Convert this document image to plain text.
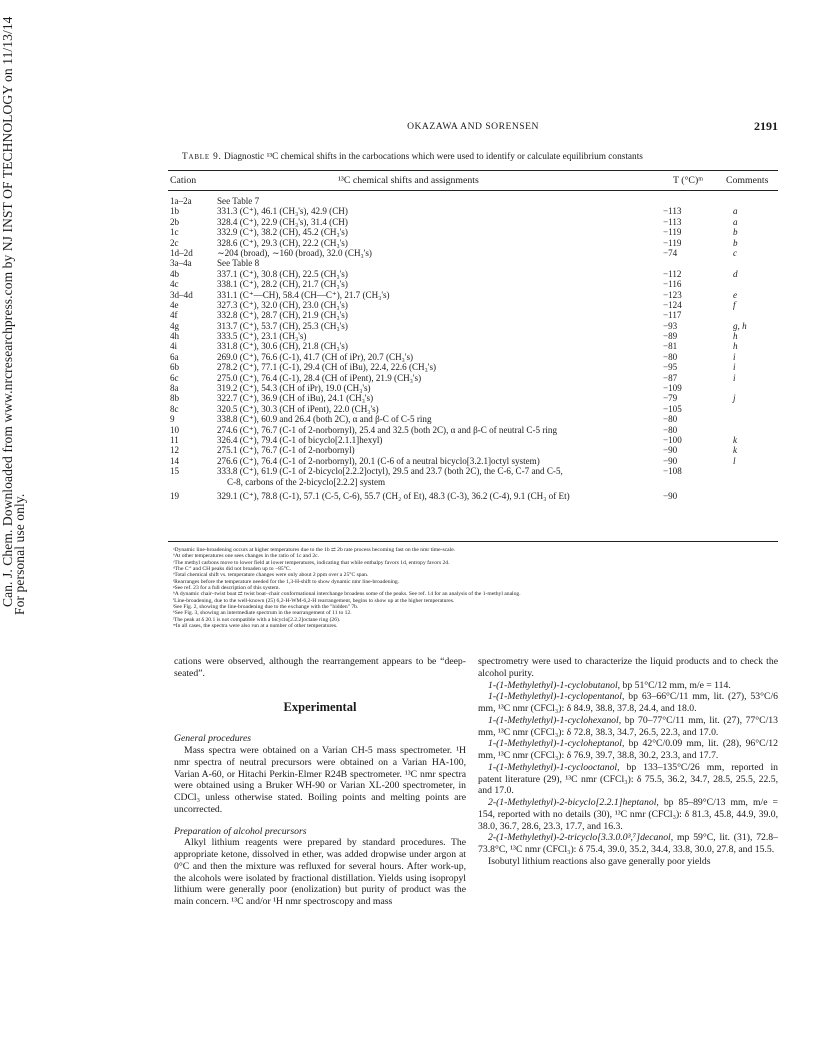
Can. J. Chem. Downloaded from www.nrcresearchpress.com by NJ INST OF TECHNOLOGY on 11/13/14
For personal use only.
OKAZAWA AND SORENSEN	2191
Table 9. Diagnostic ¹³C chemical shifts in the carbocations which were used to identify or calculate equilibrium constants
Cation	¹³C chemical shifts and assignments	T (°C)ᵐ Comments
1a–2a	See Table 7
1b	331.3 (C⁺), 46.1 (CH₃'s), 42.9 (CH)	−113	a
2b	328.4 (C⁺), 22.9 (CH₃'s), 31.4 (CH)	−113	a
1c	332.9 (C⁺), 38.2 (CH), 45.2 (CH₃'s)	−119	b
2c	328.6 (C⁺), 29.3 (CH), 22.2 (CH₃'s)	−119	b
1d–2d	∼204 (broad), ∼160 (broad), 32.0 (CH₃'s)	−74	c
3a–4a	See Table 8
4b	337.1 (C⁺), 30.8 (CH), 22.5 (CH₃'s)	−112	d
4c	338.1 (C⁺), 28.2 (CH), 21.7 (CH₃'s)	−116
3d–4d	331.1 (C⁺—CH), 58.4 (CH—C⁺), 21.7 (CH₃'s)	−123	e
4e	327.3 (C⁺), 32.0 (CH), 23.0 (CH₃'s)	−124	f
4f	332.8 (C⁺), 28.7 (CH), 21.9 (CH₃'s)	−117
4g	313.7 (C⁺), 53.7 (CH), 25.3 (CH₃'s)	−93	g, h
4h	333.5 (C⁺), 23.1 (CH₃'s)	−89	h
4i	331.8 (C⁺), 30.6 (CH), 21.8 (CH₃'s)	−81	h
6a	269.0 (C⁺), 76.6 (C-1), 41.7 (CH of iPr), 20.7 (CH₃'s)	−80	i
6b	278.2 (C⁺), 77.1 (C-1), 29.4 (CH of iBu), 22.4, 22.6 (CH₃'s)	−95	i
6c	275.0 (C⁺), 76.4 (C-1), 28.4 (CH of iPent), 21.9 (CH₃'s)	−87	i
8a	319.2 (C⁺), 54.3 (CH of iPr), 19.0 (CH₃'s)	−109
8b	322.7 (C⁺), 36.9 (CH of iBu), 24.1 (CH₃'s)	−79	j
8c	320.5 (C⁺), 30.3 (CH of iPent), 22.0 (CH₃'s)	−105
9	338.8 (C⁺), 60.9 and 26.4 (both 2C), α and β-C of C-5 ring	−80
10	274.6 (C⁺), 76.7 (C-1 of 2-norbornyl), 25.4 and 32.5 (both 2C), α and β-C of neutral C-5 ring	−80
11	326.4 (C⁺), 79.4 (C-1 of bicyclo[2.1.1]hexyl)	−100	k
12	275.1 (C⁺), 76.7 (C-1 of 2-norbornyl)	−90	k
14	276.6 (C⁺), 76.4 (C-1 of 2-norbornyl), 20.1 (C-6 of a neutral bicyclo[3.2.1]octyl system)	−90	l
15	333.8 (C⁺), 61.9 (C-1 of 2-bicyclo[2.2.2]octyl), 29.5 and 23.7 (both 2C), the C-6, C-7 and C-5,	−108
C-8, carbons of the 2-bicyclo[2.2.2] system
19	329.1 (C⁺), 78.8 (C-1), 57.1 (C-5, C-6), 55.7 (CH₂ of Et), 48.3 (C-3), 36.2 (C-4), 9.1 (CH₃ of Et)	−90
ᵃDynamic line-broadening occurs at higher temperatures due to the 1b ⇄ 2b rate process becoming fast on the nmr time-scale.
ᵇAt other temperatures one sees changes in the ratio of 1c and 2c.
ᶜThe methyl carbons move to lower field at lower temperatures, indicating that while enthalpy favors 1d, entropy favors 2d.
ᵈThe C⁺ and CH peaks did not broaden up to −85°C.
ᵉTotal chemical shift vs. temperature changes were only about 2 ppm over a 25°C span.
ᶠRearranges before the temperature needed for the 1,3-H-shift to show dynamic nmr line-broadening.
ᵍSee ref. 23 for a full description of this system.
ʰA dynamic chair–twist boat ⇄ twist boat–chair conformational interchange broadens some of the peaks. See ref. 14 for an analysis of the 1-methyl analog.
ⁱLine-broadening, due to the well-known (25) 6,2-H-WM-6,2-H rearrangement, begins to show up at the higher temperatures.
ʲSee Fig. 2, showing the line-broadening due to the exchange with the "hidden" 7b.
ᵏSee Fig. 3, showing an intermediate spectrum in the rearrangement of 11 to 12.
ˡThe peak at δ 20.1 is not compatible with a bicyclo[2.2.2]octane ring (26).
ᵐIn all cases, the spectra were also run at a number of other temperatures.

cations were observed, although the rearrangement appears to be “deep-seated”.

Experimental

General procedures

Mass spectra were obtained on a Varian CH-5 mass spectrometer. ¹H nmr spectra of neutral precursors were obtained on a Varian HA-100, Varian A-60, or Hitachi Perkin-Elmer R24B spectrometer. ¹³C nmr spectra were obtained using a Bruker WH-90 or Varian XL-200 spectrometer, in CDCl₃ unless otherwise stated. Boiling points and melting points are uncorrected.

Preparation of alcohol precursors

Alkyl lithium reagents were prepared by standard procedures. The appropriate ketone, dissolved in ether, was added dropwise under argon at 0°C and then the mixture was refluxed for several hours. After work-up, the alcohols were isolated by fractional distillation. Yields using isopropyl lithium were generally poor (enolization) but purity of product was the main concern. ¹³C and/or ¹H nmr spectroscopy and mass

spectrometry were used to characterize the liquid products and to check the alcohol purity.

1-(1-Methylethyl)-1-cyclobutanol, bp 51°C/12 mm, m/e = 114.

1-(1-Methylethyl)-1-cyclopentanol, bp 63–66°C/11 mm, lit. (27), 53°C/6 mm, ¹³C nmr (CFCl₃): δ 84.9, 38.8, 37.8, 24.4, and 18.0.

1-(1-Methylethyl)-1-cyclohexanol, bp 70–77°C/11 mm, lit. (27), 77°C/13 mm, ¹³C nmr (CFCl₃): δ 72.8, 38.3, 34.7, 26.5, 22.3, and 17.0.

1-(1-Methylethyl)-1-cycloheptanol, bp 42°C/0.09 mm, lit. (28), 96°C/12 mm, ¹³C nmr (CFCl₃): δ 76.9, 39.7, 38.8, 30.2, 23.3, and 17.7.

1-(1-Methylethyl)-1-cyclooctanol, bp 133–135°C/26 mm, reported in patent literature (29), ¹³C nmr (CFCl₃): δ 75.5, 36.2, 34.7, 28.5, 25.5, 22.5, and 17.0.

2-(1-Methylethyl)-2-bicyclo[2.2.1]heptanol, bp 85–89°C/13 mm, m/e = 154, reported with no details (30), ¹³C nmr (CFCl₃): δ 81.3, 45.8, 44.9, 39.0, 38.0, 36.7, 28.6, 23.3, 17.7, and 16.3.

2-(1-Methylethyl)-2-tricyclo[3.3.0.0³,⁷]decanol, mp 59°C, lit. (31), 72.8–73.8°C, ¹³C nmr (CFCl₃): δ 75.4, 39.0, 35.2, 34.4, 33.8, 30.0, 27.8, and 15.5.

Isobutyl lithium reactions also gave generally poor yields
